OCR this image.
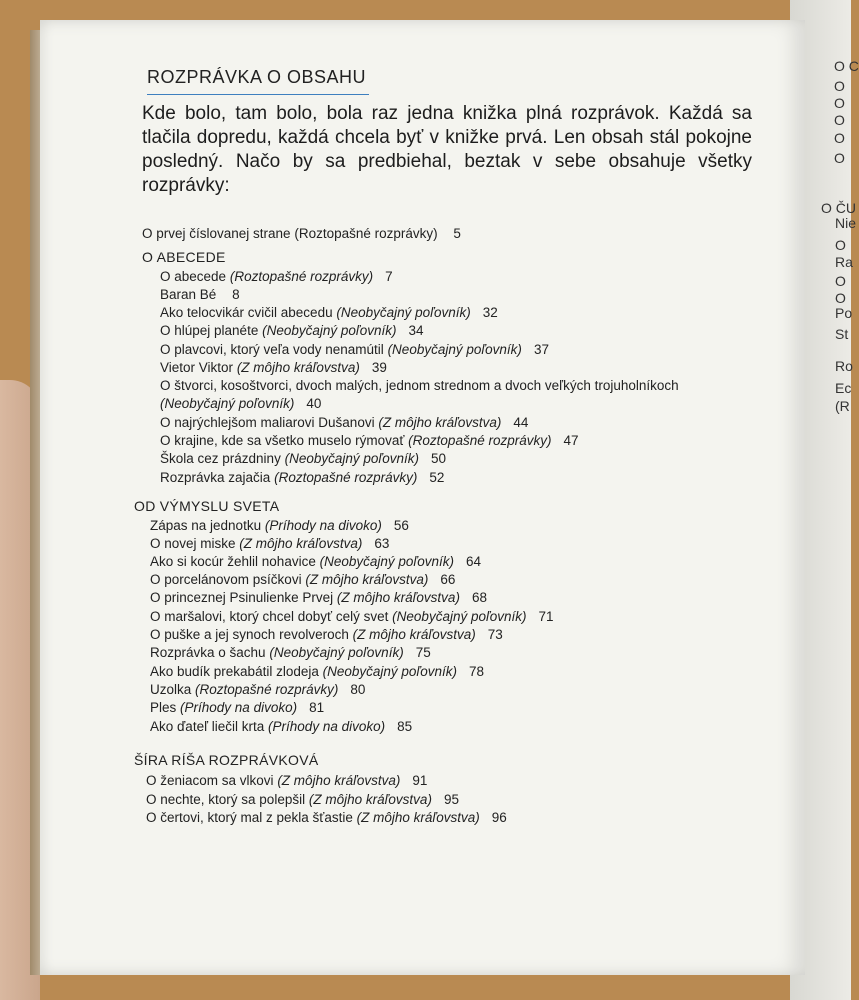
O C
O
O
O
O
O
O ČU
Nie
O
Ra
O
O
Po
St
Ro
Ec
(R
ROZPRÁVKA O OBSAHU
Kde bolo, tam bolo, bola raz jedna knižka plná rozprávok. Každá sa tlačila dopredu, každá chcela byť v knižke prvá. Len obsah stál pokojne posledný. Načo by sa predbiehal, beztak v sebe obsahuje všetky rozprávky:
O prvej číslovanej strane (Roztopašné rozprávky) 5
O ABECEDE
O abecede (Roztopašné rozprávky) 7
Baran Bé 8
Ako telocvikár cvičil abecedu (Neobyčajný poľovník) 32
O hlúpej planéte (Neobyčajný poľovník) 34
O plavcovi, ktorý veľa vody nenamútil (Neobyčajný poľovník) 37
Vietor Viktor (Z môjho kráľovstva) 39
O štvorci, kosoštvorci, dvoch malých, jednom strednom a dvoch veľkých trojuholníkoch
(Neobyčajný poľovník) 40
O najrýchlejšom maliarovi Dušanovi (Z môjho kráľovstva) 44
O krajine, kde sa všetko muselo rýmovať (Roztopašné rozprávky) 47
Škola cez prázdniny (Neobyčajný poľovník) 50
Rozprávka zajačia (Roztopašné rozprávky) 52
OD VÝMYSLU SVETA
Zápas na jednotku (Príhody na divoko) 56
O novej miske (Z môjho kráľovstva) 63
Ako si kocúr žehlil nohavice (Neobyčajný poľovník) 64
O porcelánovom psíčkovi (Z môjho kráľovstva) 66
O princeznej Psinulienke Prvej (Z môjho kráľovstva) 68
O maršalovi, ktorý chcel dobyť celý svet (Neobyčajný poľovník) 71
O puške a jej synoch revolveroch (Z môjho kráľovstva) 73
Rozprávka o šachu (Neobyčajný poľovník) 75
Ako budík prekabátil zlodeja (Neobyčajný poľovník) 78
Uzolka (Roztopašné rozprávky) 80
Ples (Príhody na divoko) 81
Ako ďateľ liečil krta (Príhody na divoko) 85
ŠÍRA RÍŠA ROZPRÁVKOVÁ
O ženiacom sa vlkovi (Z môjho kráľovstva) 91
O nechte, ktorý sa polepšil (Z môjho kráľovstva) 95
O čertovi, ktorý mal z pekla šťastie (Z môjho kráľovstva) 96
